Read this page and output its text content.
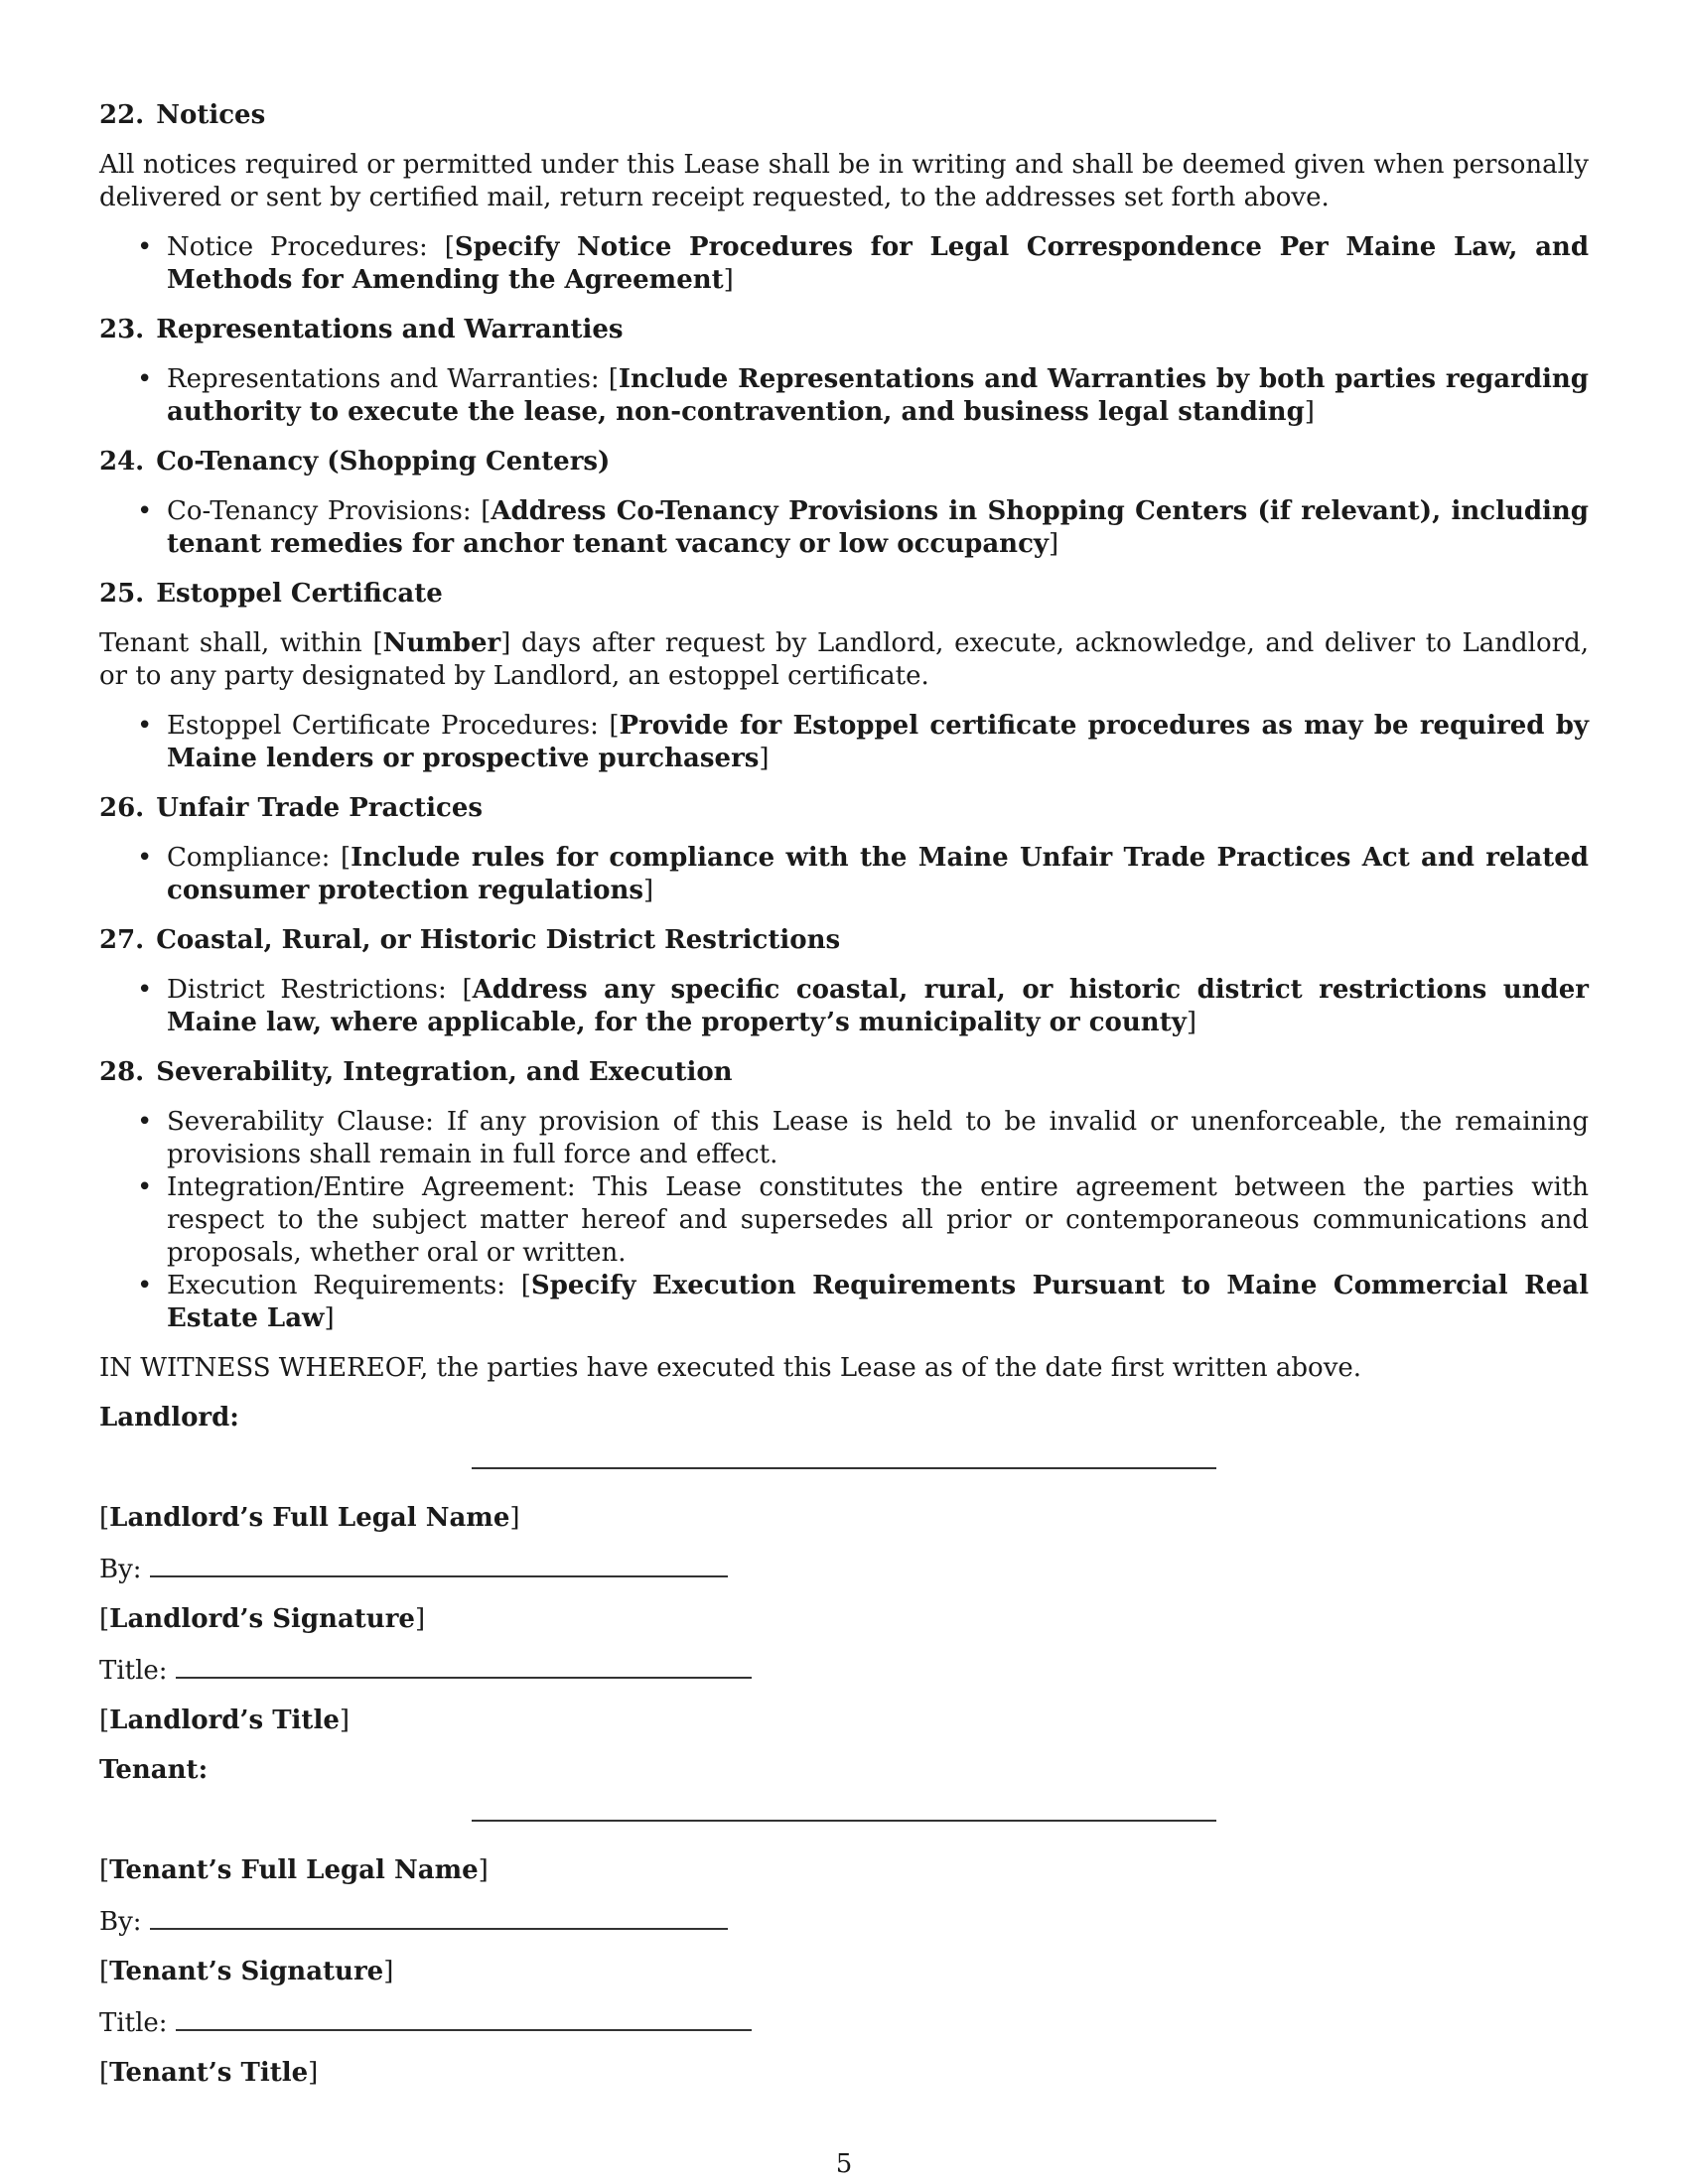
22. Notices

All notices required or permitted under this Lease shall be in writing and shall be deemed given when personally delivered or sent by certified mail, return receipt requested, to the addresses set forth above.

• Notice Procedures: [Specify Notice Procedures for Legal Correspondence Per Maine Law, and Methods for Amending the Agreement]
23. Representations and Warranties
• Representations and Warranties: [Include Representations and Warranties by both parties regarding authority to execute the lease, non-contravention, and business legal standing]
24. Co-Tenancy (Shopping Centers)
• Co-Tenancy Provisions: [Address Co-Tenancy Provisions in Shopping Centers (if relevant), including tenant remedies for anchor tenant vacancy or low occupancy]
25. Estoppel Certificate

Tenant shall, within [Number] days after request by Landlord, execute, acknowledge, and deliver to Landlord, or to any party designated by Landlord, an estoppel certificate.

• Estoppel Certificate Procedures: [Provide for Estoppel certificate procedures as may be required by Maine lenders or prospective purchasers]
26. Unfair Trade Practices
• Compliance: [Include rules for compliance with the Maine Unfair Trade Practices Act and related consumer protection regulations]
27. Coastal, Rural, or Historic District Restrictions
• District Restrictions: [Address any specific coastal, rural, or historic district restrictions under Maine law, where applicable, for the property’s municipality or county]
28. Severability, Integration, and Execution
• Severability Clause: If any provision of this Lease is held to be invalid or unenforceable, the remaining provisions shall remain in full force and effect.
• Integration/Entire Agreement: This Lease constitutes the entire agreement between the parties with respect to the subject matter hereof and supersedes all prior or contemporaneous communications and proposals, whether oral or written.
• Execution Requirements: [Specify Execution Requirements Pursuant to Maine Commercial Real Estate Law]

IN WITNESS WHEREOF, the parties have executed this Lease as of the date first written above.

Landlord:
[Landlord’s Full Legal Name]
By:
[Landlord’s Signature]
Title:
[Landlord’s Title]
Tenant:
[Tenant’s Full Legal Name]
By:
[Tenant’s Signature]
Title:
[Tenant’s Title]
5
